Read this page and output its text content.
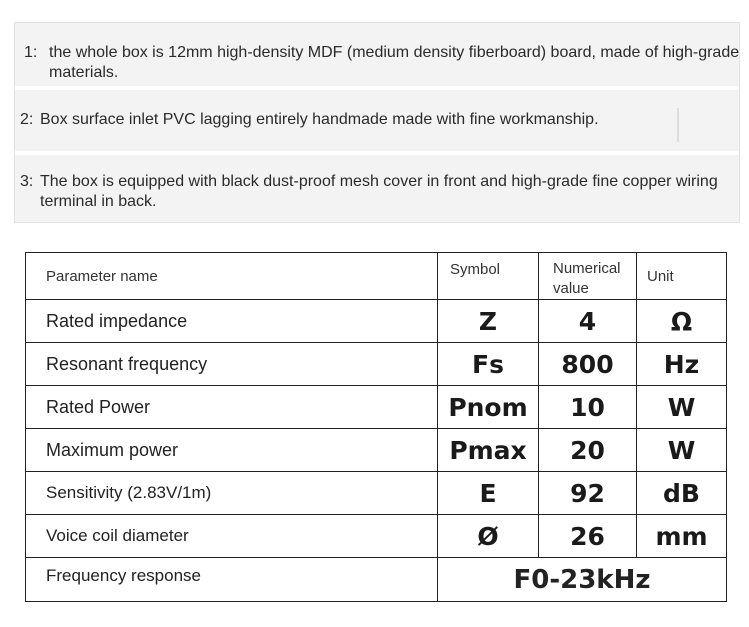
1: the whole box is 12mm high-density MDF (medium density fiberboard) board, made of high-grade materials.
2: Box surface inlet PVC lagging entirely handmade made with fine workmanship.
3: The box is equipped with black dust-proof mesh cover in front and high-grade fine copper wiring terminal in back.
Parameter name	Symbol	Numerical value	Unit
Rated impedance	Z	4	Ω
Resonant frequency	Fs	800	Hz
Rated Power	Pnom	10	W
Maximum power	Pmax	20	W
Sensitivity (2.83V/1m)	E	92	dB
Voice coil diameter	Ø	26	mm
Frequency response	F0-23kHz		
